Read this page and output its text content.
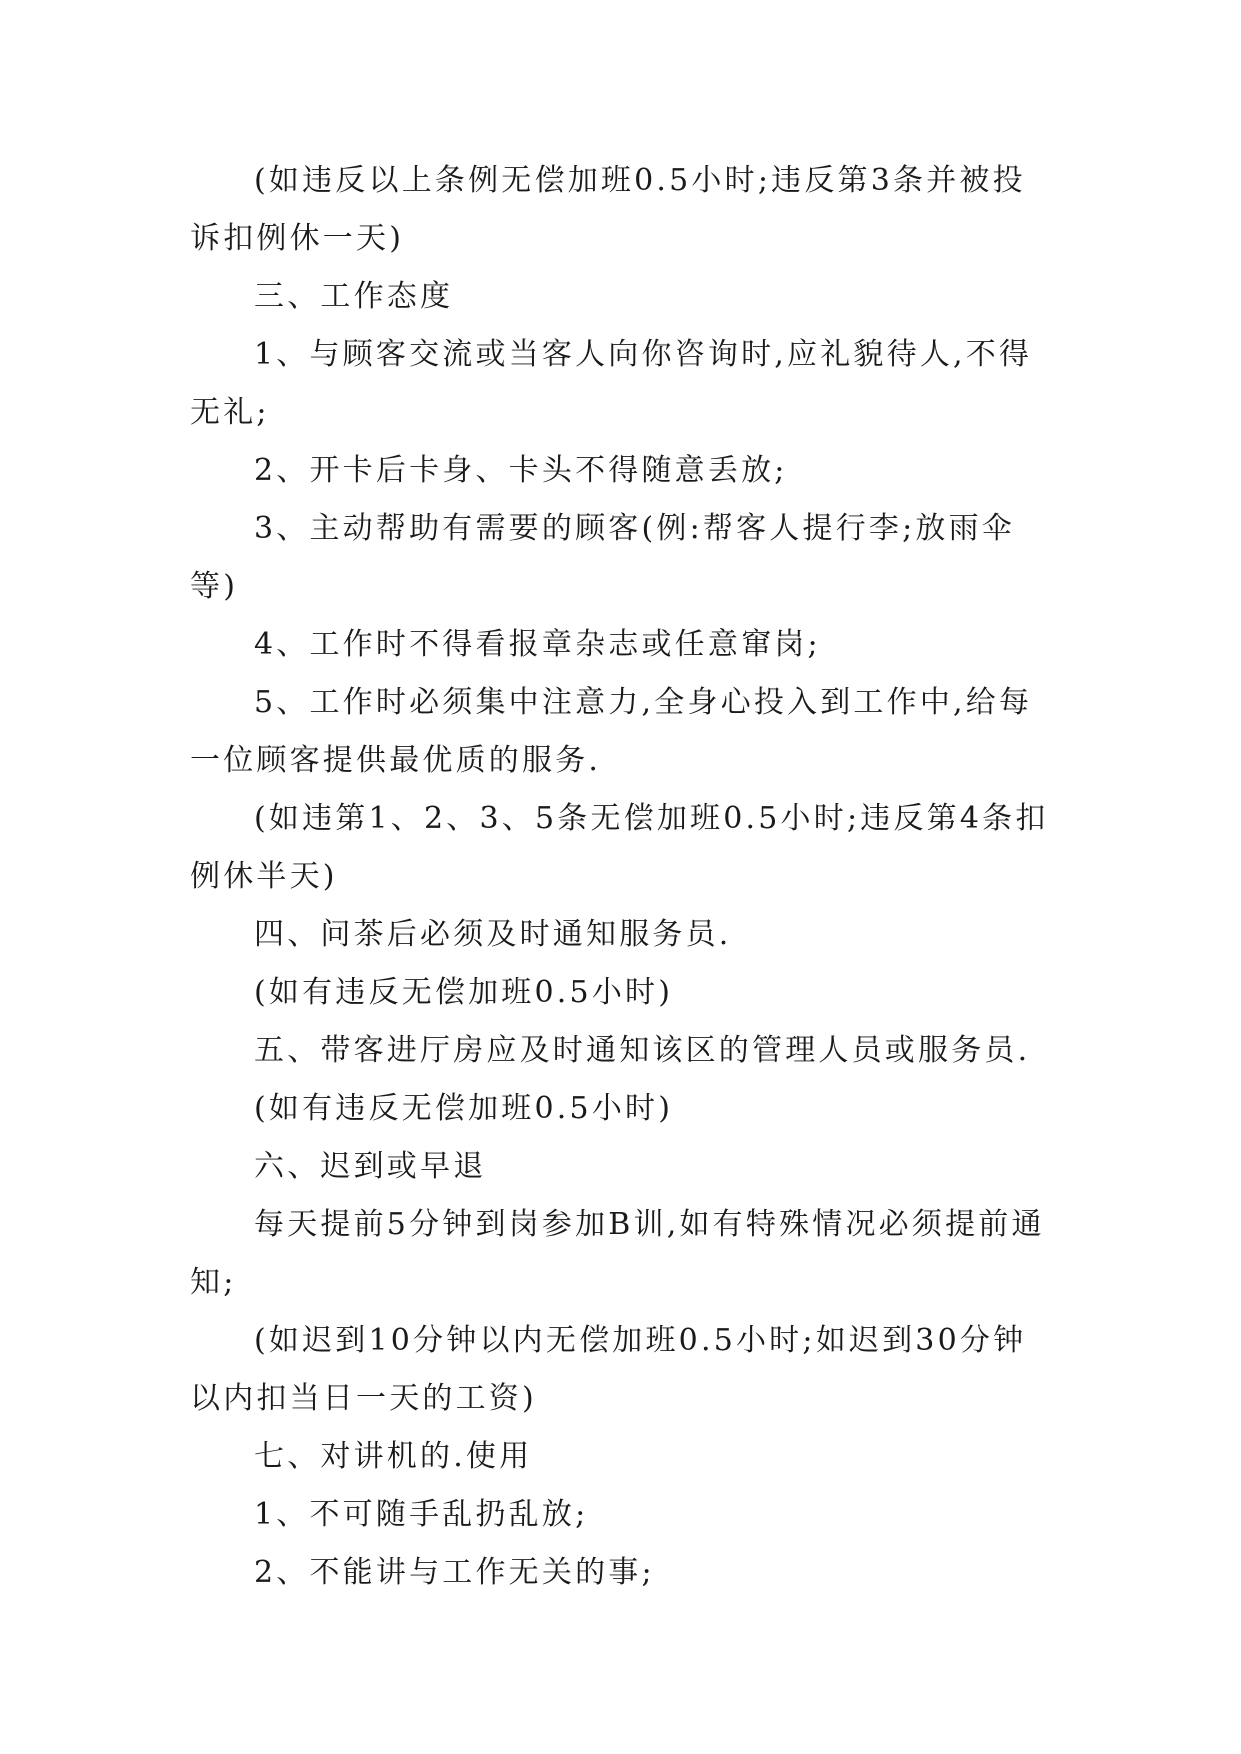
(如违反以上条例无偿加班0.5小时;违反第3条并被投诉扣例休一天)

三、工作态度

1、与顾客交流或当客人向你咨询时,应礼貌待人,不得无礼;

2、开卡后卡身、卡头不得随意丢放;

3、主动帮助有需要的顾客(例:帮客人提行李;放雨伞等)

4、工作时不得看报章杂志或任意窜岗;

5、工作时必须集中注意力,全身心投入到工作中,给每一位顾客提供最优质的服务.

(如违第1、2、3、5条无偿加班0.5小时;违反第4条扣例休半天)

四、问茶后必须及时通知服务员.

(如有违反无偿加班0.5小时)

五、带客进厅房应及时通知该区的管理人员或服务员.

(如有违反无偿加班0.5小时)

六、迟到或早退

每天提前5分钟到岗参加B训,如有特殊情况必须提前通知;

(如迟到10分钟以内无偿加班0.5小时;如迟到30分钟以内扣当日一天的工资)

七、对讲机的.使用

1、不可随手乱扔乱放;

2、不能讲与工作无关的事;
